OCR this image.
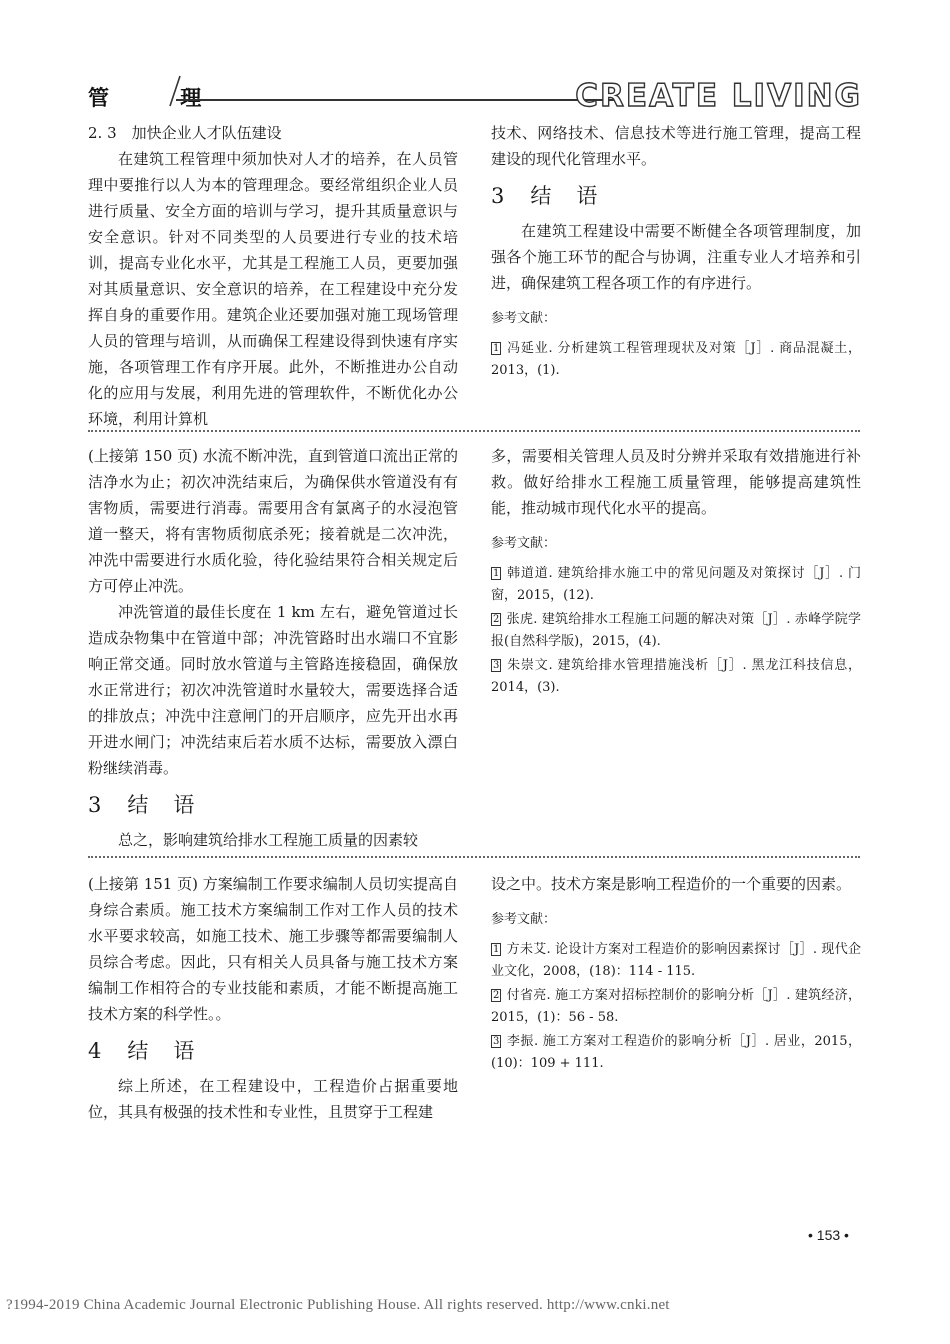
管 理	CREATE LIVING
2. 3　加快企业人才队伍建设

在建筑工程管理中须加快对人才的培养，在人员管理中要推行以人为本的管理理念。要经常组织企业人员进行质量、安全方面的培训与学习，提升其质量意识与安全意识。针对不同类型的人员要进行专业的技术培训，提高专业化水平，尤其是工程施工人员，更要加强对其质量意识、安全意识的培养，在工程建设中充分发挥自身的重要作用。建筑企业还要加强对施工现场管理人员的管理与培训，从而确保工程建设得到快速有序实施，各项管理工作有序开展。此外，不断推进办公自动化的应用与发展，利用先进的管理软件，不断优化办公环境，利用计算机

技术、网络技术、信息技术等进行施工管理，提高工程建设的现代化管理水平。

3 结　语

在建筑工程建设中需要不断健全各项管理制度，加强各个施工环节的配合与协调，注重专业人才培养和引进，确保建筑工程各项工作的有序进行。

参考文献：
1 冯延业. 分析建筑工程管理现状及对策［J］. 商品混凝土，2013，(1).

(上接第 150 页) 水流不断冲洗，直到管道口流出正常的洁净水为止；初次冲洗结束后，为确保供水管道没有有害物质，需要进行消毒。需要用含有氯离子的水浸泡管道一整天，将有害物质彻底杀死；接着就是二次冲洗，冲洗中需要进行水质化验，待化验结果符合相关规定后方可停止冲洗。

冲洗管道的最佳长度在 1 km 左右，避免管道过长造成杂物集中在管道中部；冲洗管路时出水端口不宜影响正常交通。同时放水管道与主管路连接稳固，确保放水正常进行；初次冲洗管道时水量较大，需要选择合适的排放点；冲洗中注意闸门的开启顺序，应先开出水再开进水闸门；冲洗结束后若水质不达标，需要放入漂白粉继续消毒。

3 结　语

总之，影响建筑给排水工程施工质量的因素较

多，需要相关管理人员及时分辨并采取有效措施进行补救。做好给排水工程施工质量管理，能够提高建筑性能，推动城市现代化水平的提高。

参考文献：
1 韩道道. 建筑给排水施工中的常见问题及对策探讨［J］. 门窗，2015，(12).
2 张虎. 建筑给排水工程施工问题的解决对策［J］. 赤峰学院学报(自然科学版)，2015，(4).
3 朱崇文. 建筑给排水管理措施浅析［J］. 黑龙江科技信息，2014，(3).

(上接第 151 页) 方案编制工作要求编制人员切实提高自身综合素质。施工技术方案编制工作对工作人员的技术水平要求较高，如施工技术、施工步骤等都需要编制人员综合考虑。因此，只有相关人员具备与施工技术方案编制工作相符合的专业技能和素质，才能不断提高施工技术方案的科学性。。

4 结　语

综上所述，在工程建设中，工程造价占据重要地位，其具有极强的技术性和专业性，且贯穿于工程建

设之中。技术方案是影响工程造价的一个重要的因素。

参考文献：
1 方未艾. 论设计方案对工程造价的影响因素探讨［J］. 现代企业文化，2008，(18)：114 - 115.
2 付省亮. 施工方案对招标控制价的影响分析［J］. 建筑经济，2015，(1)：56 - 58.
3 李振. 施工方案对工程造价的影响分析［J］. 居业，2015，(10)：109 + 111.
• 153 •
?1994-2019 China Academic Journal Electronic Publishing House. All rights reserved. http://www.cnki.net
